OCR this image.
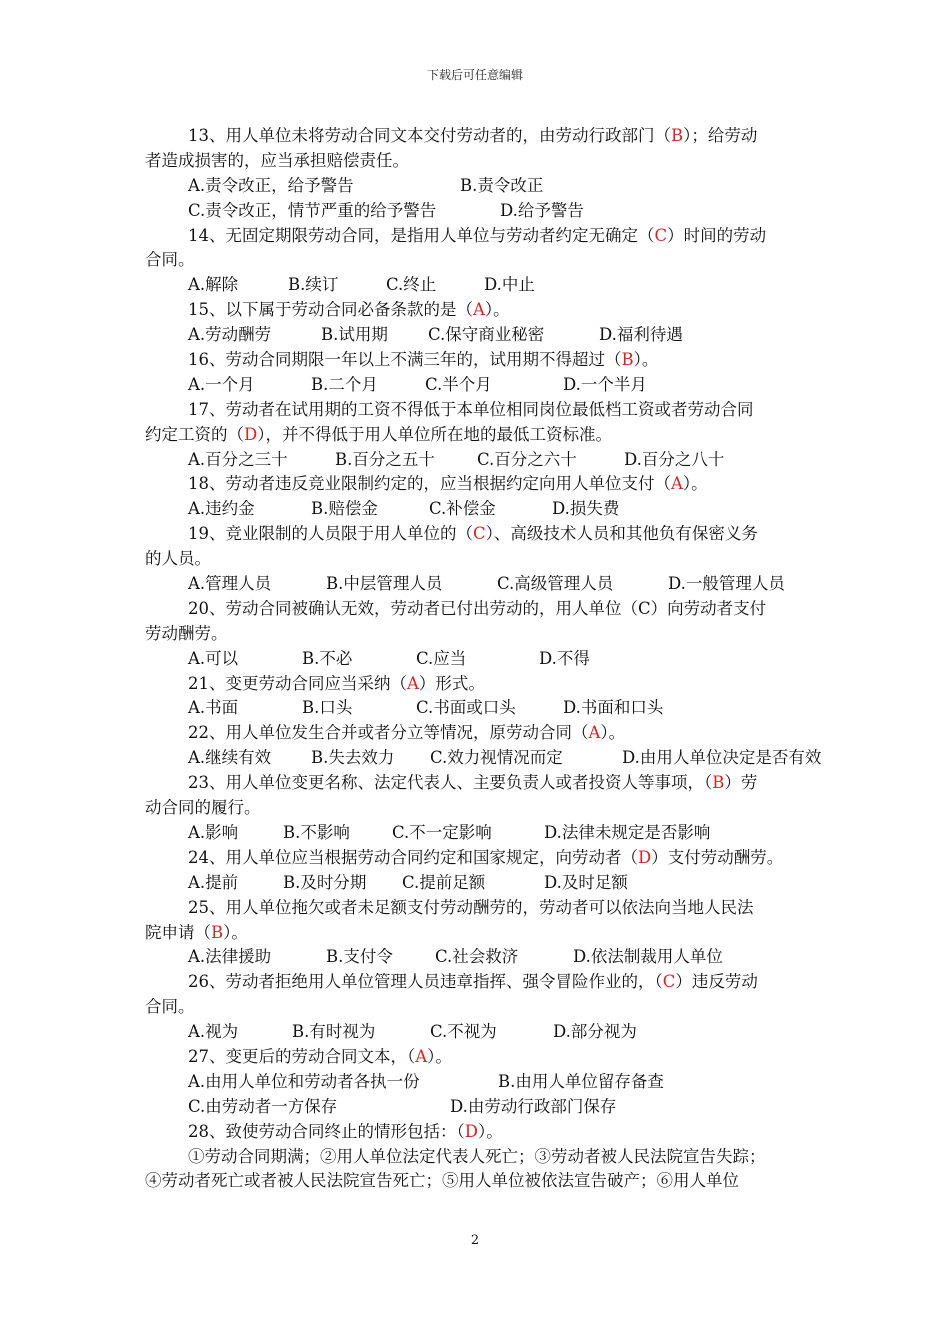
下载后可任意编辑
13、用人单位未将劳动合同文本交付劳动者的，由劳动行政部门（B）；给劳动
者造成损害的，应当承担赔偿责任。
A.责令改正，给予警告	B.责令改正
C.责令改正，情节严重的给予警告	D.给予警告
14、无固定期限劳动合同，是指用人单位与劳动者约定无确定（C）时间的劳动
合同。
A.解除	B.续订	C.终止	D.中止
15、以下属于劳动合同必备条款的是（A）。
A.劳动酬劳	B.试用期 C.保守商业秘密	D.福利待遇
16、劳动合同期限一年以上不满三年的，试用期不得超过（B）。
A.一个月	B.二个月	C.半个月	D.一个半月
17、劳动者在试用期的工资不得低于本单位相同岗位最低档工资或者劳动合同
约定工资的（D），并不得低于用人单位所在地的最低工资标准。
A.百分之三十	B.百分之五十	C.百分之六十	D.百分之八十
18、劳动者违反竞业限制约定的，应当根据约定向用人单位支付（A）。
A.违约金	B.赔偿金	C.补偿金	D.损失费
19、竞业限制的人员限于用人单位的（C）、高级技术人员和其他负有保密义务
的人员。
A.管理人员	B.中层管理人员	C.高级管理人员	D.一般管理人员
20、劳动合同被确认无效，劳动者已付出劳动的，用人单位（C）向劳动者支付
劳动酬劳。
A.可以	B.不必	C.应当	D.不得
21、变更劳动合同应当采纳（A）形式。
A.书面	B.口头	C.书面或口头	D.书面和口头
22、用人单位发生合并或者分立等情况，原劳动合同（A）。
A.继续有效 B.失去效力 C.效力视情况而定	D.由用人单位决定是否有效
23、用人单位变更名称、法定代表人、主要负责人或者投资人等事项，（B）劳
动合同的履行。
A.影响	B.不影响	C.不一定影响	D.法律未规定是否影响
24、用人单位应当根据劳动合同约定和国家规定，向劳动者（D）支付劳动酬劳。
A.提前	B.及时分期 C.提前足额	D.及时足额
25、用人单位拖欠或者未足额支付劳动酬劳的，劳动者可以依法向当地人民法
院申请（B）。
A.法律援助	B.支付令	C.社会救济	D.依法制裁用人单位
26、劳动者拒绝用人单位管理人员违章指挥、强令冒险作业的，（C）违反劳动
合同。
A.视为	B.有时视为	C.不视为	D.部分视为
27、变更后的劳动合同文本，（A）。
A.由用人单位和劳动者各执一份	B.由用人单位留存备查
C.由劳动者一方保存	D.由劳动行政部门保存
28、致使劳动合同终止的情形包括：（D）。
①劳动合同期满；②用人单位法定代表人死亡；③劳动者被人民法院宣告失踪；
④劳动者死亡或者被人民法院宣告死亡；⑤用人单位被依法宣告破产；⑥用人单位
2
